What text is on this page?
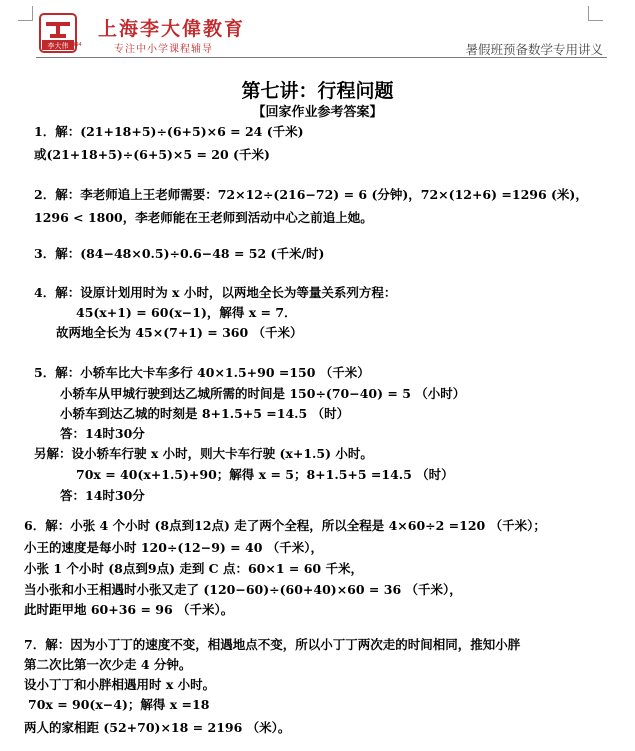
1994
李大伟
上海李大偉教育
专注中小学课程辅导	暑假班预备数学专用讲义
第七讲：行程问题
【回家作业参考答案】
1．解：(21+18+5)÷(6+5)×6 = 24 (千米)
或(21+18+5)÷(6+5)×5 = 20 (千米)
2．解：李老师追上王老师需要：72×12÷(216−72) = 6 (分钟)，72×(12+6) =1296 (米)，
1296 < 1800，李老师能在王老师到活动中心之前追上她。
3．解：(84−48×0.5)÷0.6−48 = 52 (千米/时)
4．解：设原计划用时为 x 小时，以两地全长为等量关系列方程：
45(x+1) = 60(x−1)，解得 x = 7．
故两地全长为 45×(7+1) = 360 （千米）
5．解：小轿车比大卡车多行 40×1.5+90 =150 （千米）
小轿车从甲城行驶到达乙城所需的时间是 150÷(70−40) = 5 （小时）
小轿车到达乙城的时刻是 8+1.5+5 =14.5 （时）
答：14时30分
另解：设小轿车行驶 x 小时，则大卡车行驶 (x+1.5) 小时。
70x = 40(x+1.5)+90；解得 x = 5；8+1.5+5 =14.5 （时）
答：14时30分
6．解：小张 4 个小时 (8点到12点) 走了两个全程，所以全程是 4×60÷2 =120 （千米）；
小王的速度是每小时 120÷(12−9) = 40 （千米），
小张 1 个小时 (8点到9点) 走到 C 点：60×1 = 60 千米，
当小张和小王相遇时小张又走了 (120−60)÷(60+40)×60 = 36 （千米），
此时距甲地 60+36 = 96 （千米）。
7．解：因为小丁丁的速度不变，相遇地点不变，所以小丁丁两次走的时间相同，推知小胖
第二次比第一次少走 4 分钟。
设小丁丁和小胖相遇用时 x 小时。
70x = 90(x−4)；解得 x =18
两人的家相距 (52+70)×18 = 2196 （米）。
